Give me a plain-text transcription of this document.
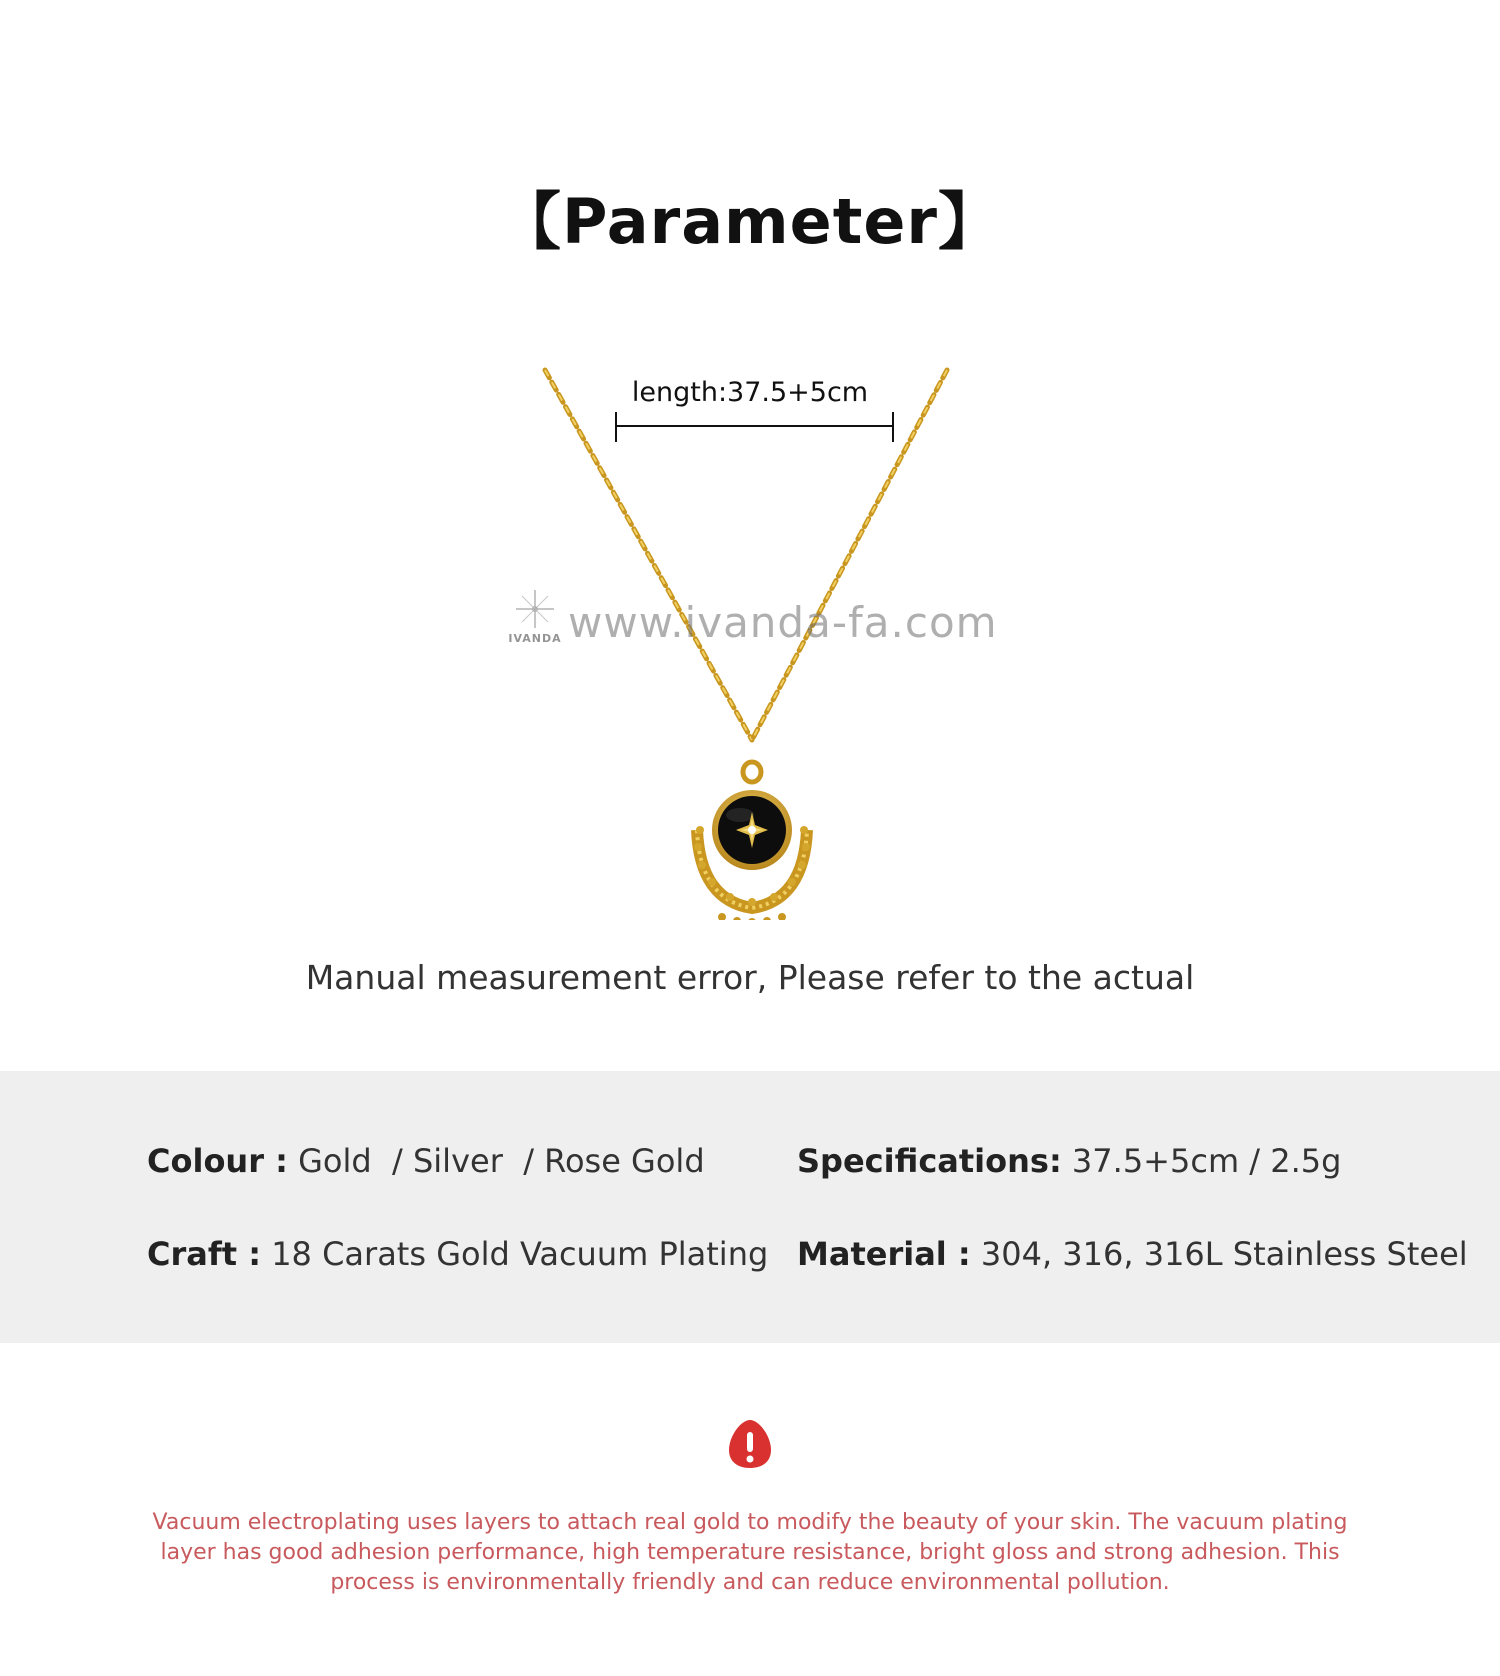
【Parameter】
length:37.5+5cm
www.ivanda-fa.com
IVANDA

Manual measurement error, Please refer to the actual

Colour : Gold  / Silver  / Rose Gold	Specifications: 37.5+5cm / 2.5g
Craft : 18 Carats Gold Vacuum Plating Material : 304, 316, 316L Stainless Steel

Vacuum electroplating uses layers to attach real gold to modify the beauty of your skin. The vacuum plating layer has good adhesion performance, high temperature resistance, bright gloss and strong adhesion. This process is environmentally friendly and can reduce environmental pollution.
